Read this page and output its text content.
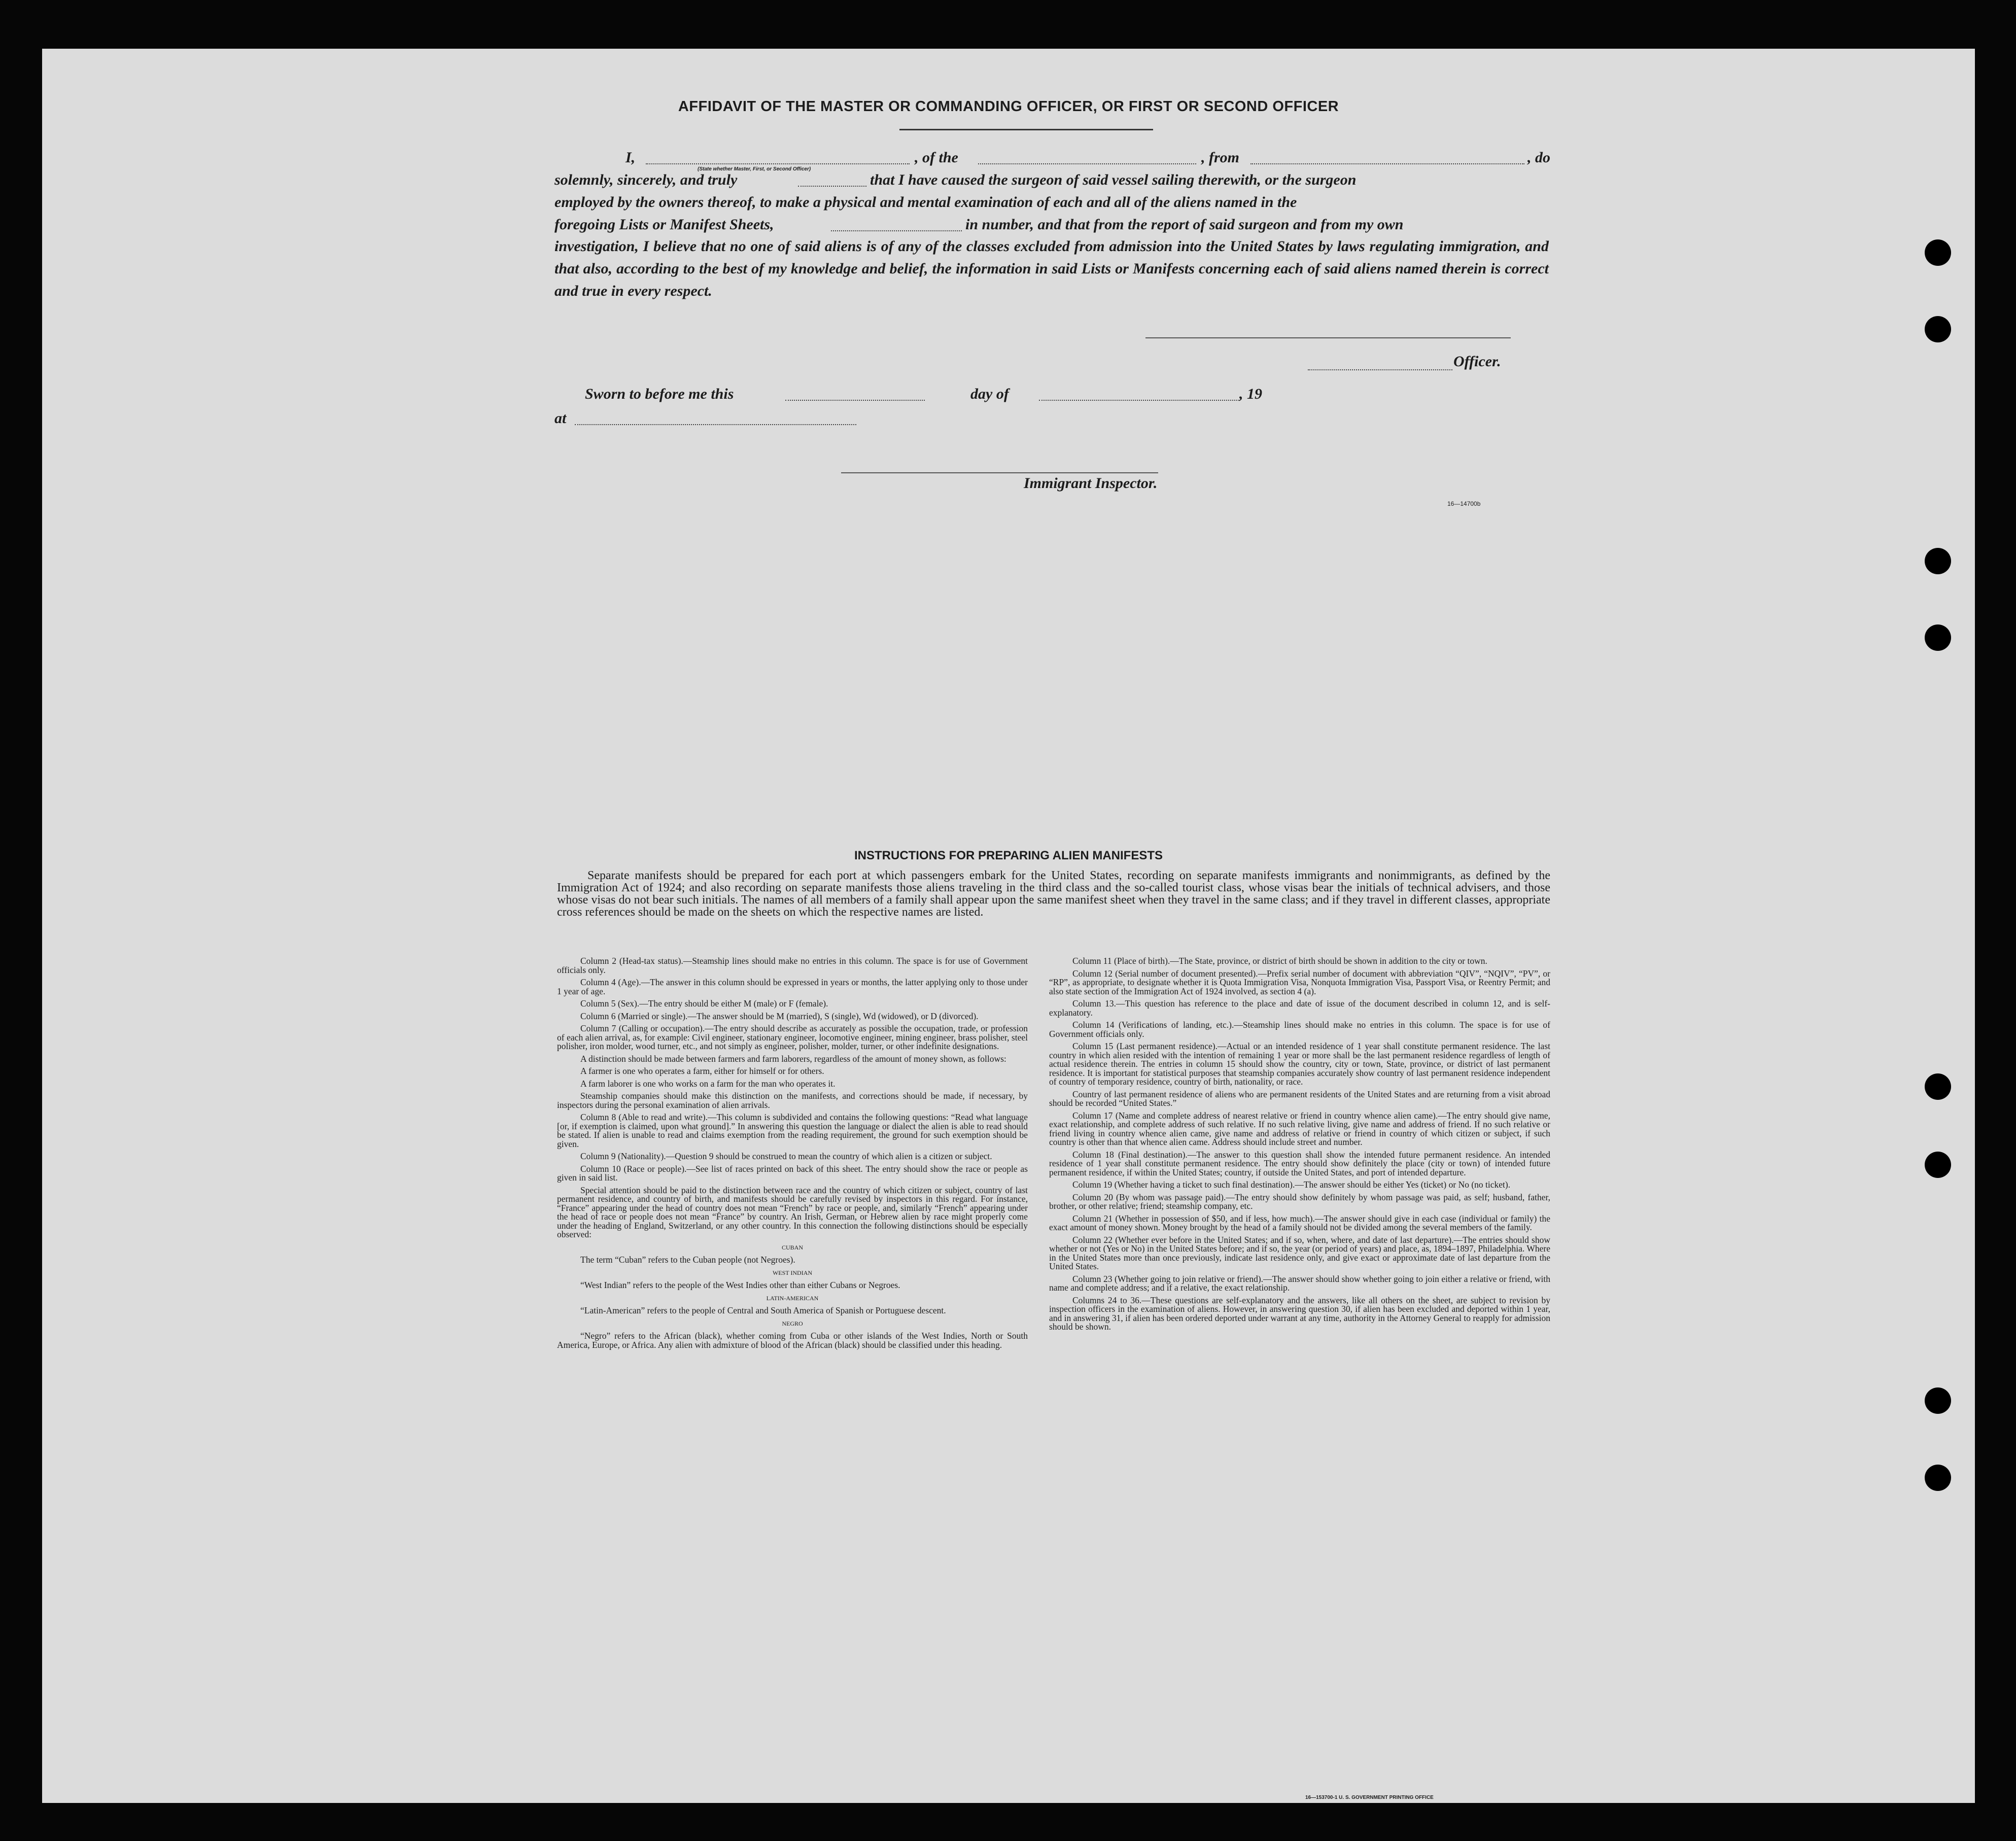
AFFIDAVIT OF THE MASTER OR COMMANDING OFFICER, OR FIRST OR SECOND OFFICER
I,
(State whether Master, First, or Second Officer)
, of the	, from	, do
solemnly, sincerely, and truly	that I have caused the surgeon of said vessel sailing therewith, or the surgeon
employed by the owners thereof, to make a physical and mental examination of each and all of the aliens named in the
foregoing Lists or Manifest Sheets,	in number, and that from the report of said surgeon and from my own
investigation, I believe that no one of said aliens is of any of the classes excluded from admission into the United States by laws regulating immigration, and that also, according to the best of my knowledge and belief, the information in said Lists or Manifests concerning each of said aliens named therein is correct and true in every respect.
Officer.
Sworn to before me this	day of	, 19
at
Immigrant Inspector.
16—14700b
INSTRUCTIONS FOR PREPARING ALIEN MANIFESTS
Separate manifests should be prepared for each port at which passengers embark for the United States, recording on separate manifests immigrants and nonimmigrants, as defined by the Immigration Act of 1924; and also recording on separate manifests those aliens traveling in the third class and the so-called tourist class, whose visas bear the initials of technical advisers, and those whose visas do not bear such initials. The names of all members of a family shall appear upon the same manifest sheet when they travel in the same class; and if they travel in different classes, appropriate cross references should be made on the sheets on which the respective names are listed.

Column 2 (Head-tax status).—Steamship lines should make no entries in this column. The space is for use of Government officials only.

Column 4 (Age).—The answer in this column should be expressed in years or months, the latter applying only to those under 1 year of age.

Column 5 (Sex).—The entry should be either M (male) or F (female).

Column 6 (Married or single).—The answer should be M (married), S (single), Wd (widowed), or D (divorced).

Column 7 (Calling or occupation).—The entry should describe as accurately as possible the occupation, trade, or profession of each alien arrival, as, for example: Civil engineer, stationary engineer, locomotive engineer, mining engineer, brass polisher, steel polisher, iron molder, wood turner, etc., and not simply as engineer, polisher, molder, turner, or other indefinite designations.

A distinction should be made between farmers and farm laborers, regardless of the amount of money shown, as follows:

A farmer is one who operates a farm, either for himself or for others.

A farm laborer is one who works on a farm for the man who operates it.

Steamship companies should make this distinction on the manifests, and corrections should be made, if necessary, by inspectors during the personal examination of alien arrivals.

Column 8 (Able to read and write).—This column is subdivided and contains the following questions: “Read what language [or, if exemption is claimed, upon what ground].” In answering this question the language or dialect the alien is able to read should be stated. If alien is unable to read and claims exemption from the reading requirement, the ground for such exemption should be given.

Column 9 (Nationality).—Question 9 should be construed to mean the country of which alien is a citizen or subject.

Column 10 (Race or people).—See list of races printed on back of this sheet. The entry should show the race or people as given in said list.

Special attention should be paid to the distinction between race and the country of which citizen or subject, country of last permanent residence, and country of birth, and manifests should be carefully revised by inspectors in this regard. For instance, “France” appearing under the head of country does not mean “French” by race or people, and, similarly “French” appearing under the head of race or people does not mean “France” by country. An Irish, German, or Hebrew alien by race might properly come under the heading of England, Switzerland, or any other country. In this connection the following distinctions should be especially observed:

CUBAN

The term “Cuban” refers to the Cuban people (not Negroes).

WEST INDIAN

“West Indian” refers to the people of the West Indies other than either Cubans or Negroes.

LATIN-AMERICAN

“Latin-American” refers to the people of Central and South America of Spanish or Portuguese descent.

NEGRO

“Negro” refers to the African (black), whether coming from Cuba or other islands of the West Indies, North or South America, Europe, or Africa. Any alien with admixture of blood of the African (black) should be classified under this heading.

Column 11 (Place of birth).—The State, province, or district of birth should be shown in addition to the city or town.

Column 12 (Serial number of document presented).—Prefix serial number of document with abbreviation “QIV”, “NQIV”, “PV”, or “RP”, as appropriate, to designate whether it is Quota Immigration Visa, Nonquota Immigration Visa, Passport Visa, or Reentry Permit; and also state section of the Immigration Act of 1924 involved, as section 4 (a).

Column 13.—This question has reference to the place and date of issue of the document described in column 12, and is self-explanatory.

Column 14 (Verifications of landing, etc.).—Steamship lines should make no entries in this column. The space is for use of Government officials only.

Column 15 (Last permanent residence).—Actual or an intended residence of 1 year shall constitute permanent residence. The last country in which alien resided with the intention of remaining 1 year or more shall be the last permanent residence regardless of length of actual residence therein. The entries in column 15 should show the country, city or town, State, province, or district of last permanent residence. It is important for statistical purposes that steamship companies accurately show country of last permanent residence independent of country of temporary residence, country of birth, nationality, or race.

Country of last permanent residence of aliens who are permanent residents of the United States and are returning from a visit abroad should be recorded “United States.”

Column 17 (Name and complete address of nearest relative or friend in country whence alien came).—The entry should give name, exact relationship, and complete address of such relative. If no such relative living, give name and address of friend. If no such relative or friend living in country whence alien came, give name and address of relative or friend in country of which citizen or subject, if such country is other than that whence alien came. Address should include street and number.

Column 18 (Final destination).—The answer to this question shall show the intended future permanent residence. An intended residence of 1 year shall constitute permanent residence. The entry should show definitely the place (city or town) of intended future permanent residence, if within the United States; country, if outside the United States, and port of intended departure.

Column 19 (Whether having a ticket to such final destination).—The answer should be either Yes (ticket) or No (no ticket).

Column 20 (By whom was passage paid).—The entry should show definitely by whom passage was paid, as self; husband, father, brother, or other relative; friend; steamship company, etc.

Column 21 (Whether in possession of $50, and if less, how much).—The answer should give in each case (individual or family) the exact amount of money shown. Money brought by the head of a family should not be divided among the several members of the family.

Column 22 (Whether ever before in the United States; and if so, when, where, and date of last departure).—The entries should show whether or not (Yes or No) in the United States before; and if so, the year (or period of years) and place, as, 1894–1897, Philadelphia. Where in the United States more than once previously, indicate last residence only, and give exact or approximate date of last departure from the United States.

Column 23 (Whether going to join relative or friend).—The answer should show whether going to join either a relative or friend, with name and complete address; and if a relative, the exact relationship.

Columns 24 to 36.—These questions are self-explanatory and the answers, like all others on the sheet, are subject to revision by inspection officers in the examination of aliens. However, in answering question 30, if alien has been excluded and deported within 1 year, and in answering 31, if alien has been ordered deported under warrant at any time, authority in the Attorney General to reapply for admission should be shown.

16—153700-1 U. S. GOVERNMENT PRINTING OFFICE
